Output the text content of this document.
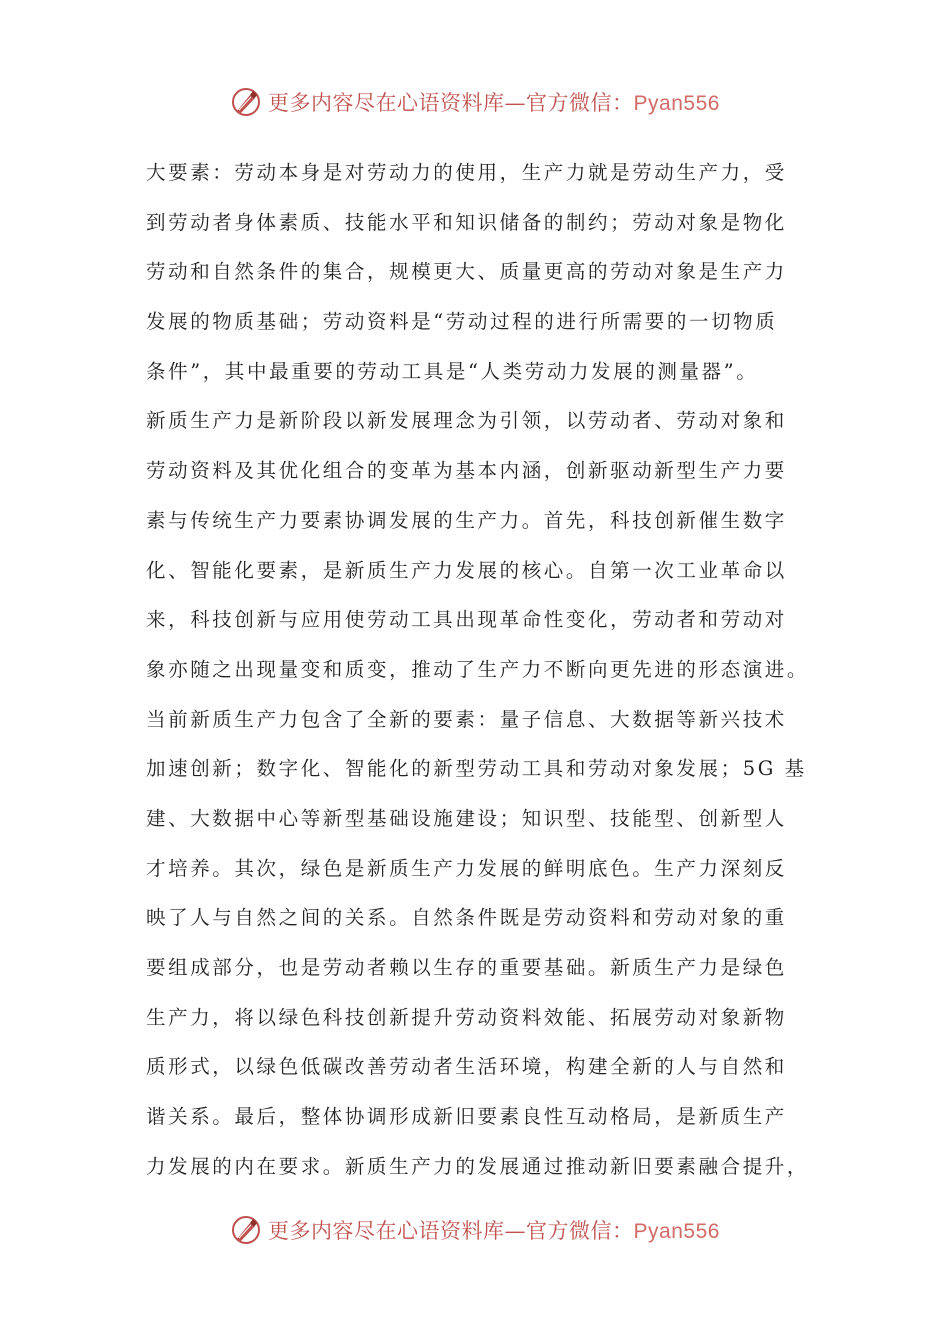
更多内容尽在心语资料库—官方微信：Pyan556
大要素：劳动本身是对劳动力的使用，生产力就是劳动生产力，受
到劳动者身体素质、技能水平和知识储备的制约；劳动对象是物化
劳动和自然条件的集合，规模更大、质量更高的劳动对象是生产力
发展的物质基础；劳动资料是“劳动过程的进行所需要的一切物质
条件”，其中最重要的劳动工具是“人类劳动力发展的测量器”。
新质生产力是新阶段以新发展理念为引领，以劳动者、劳动对象和
劳动资料及其优化组合的变革为基本内涵，创新驱动新型生产力要
素与传统生产力要素协调发展的生产力。首先，科技创新催生数字
化、智能化要素，是新质生产力发展的核心。自第一次工业革命以
来，科技创新与应用使劳动工具出现革命性变化，劳动者和劳动对
象亦随之出现量变和质变，推动了生产力不断向更先进的形态演进。
当前新质生产力包含了全新的要素：量子信息、大数据等新兴技术
加速创新；数字化、智能化的新型劳动工具和劳动对象发展；5G 基
建、大数据中心等新型基础设施建设；知识型、技能型、创新型人
才培养。其次，绿色是新质生产力发展的鲜明底色。生产力深刻反
映了人与自然之间的关系。自然条件既是劳动资料和劳动对象的重
要组成部分，也是劳动者赖以生存的重要基础。新质生产力是绿色
生产力，将以绿色科技创新提升劳动资料效能、拓展劳动对象新物
质形式，以绿色低碳改善劳动者生活环境，构建全新的人与自然和
谐关系。最后，整体协调形成新旧要素良性互动格局，是新质生产
力发展的内在要求。新质生产力的发展通过推动新旧要素融合提升，
更多内容尽在心语资料库—官方微信：Pyan556
